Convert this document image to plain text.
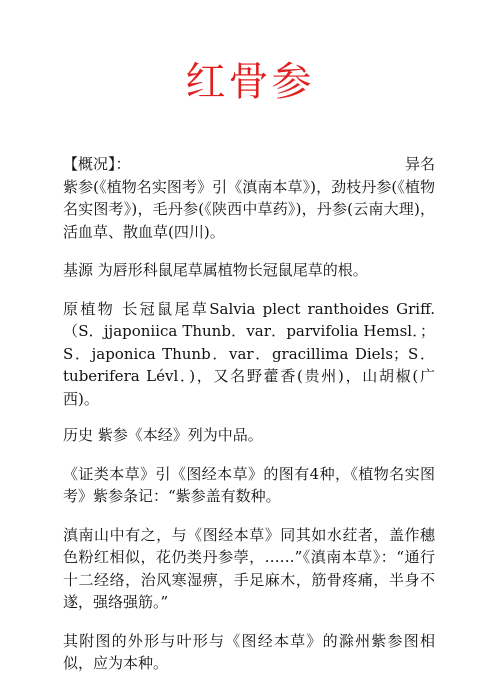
红骨参
【概况】：	异名
紫参(《植物名实图考》引《滇南本草》)，劲枝丹参(《植物名实图考》)，毛丹参(《陕西中草药》)，丹参(云南大理)，活血草、散血草(四川)。

基源 为唇形科鼠尾草属植物长冠鼠尾草的根。

原植物 长冠鼠尾草Salvia plect ranthoides Griff.（S．jjaponiica Thunb．var．parvifolia Hemsl．；S．japonica Thunb．var．gracillima Diels；S．tuberifera Lévl．)，又名野藿香(贵州)，山胡椒(广西)。

历史 紫参《本经》列为中品。

《证类本草》引《图经本草》的图有4种，《植物名实图考》紫参条记：“紫参盖有数种。

滇南山中有之，与《图经本草》同其如水荭者，盖作穗色粉红相似，花仍类丹参荸，……”《滇南本草》：“通行十二经络，治风寒湿痹，手足麻木，筋骨疼痛，半身不遂，强络强筋。”

其附图的外形与叶形与《图经本草》的滁州紫参图相似，应为本种。
